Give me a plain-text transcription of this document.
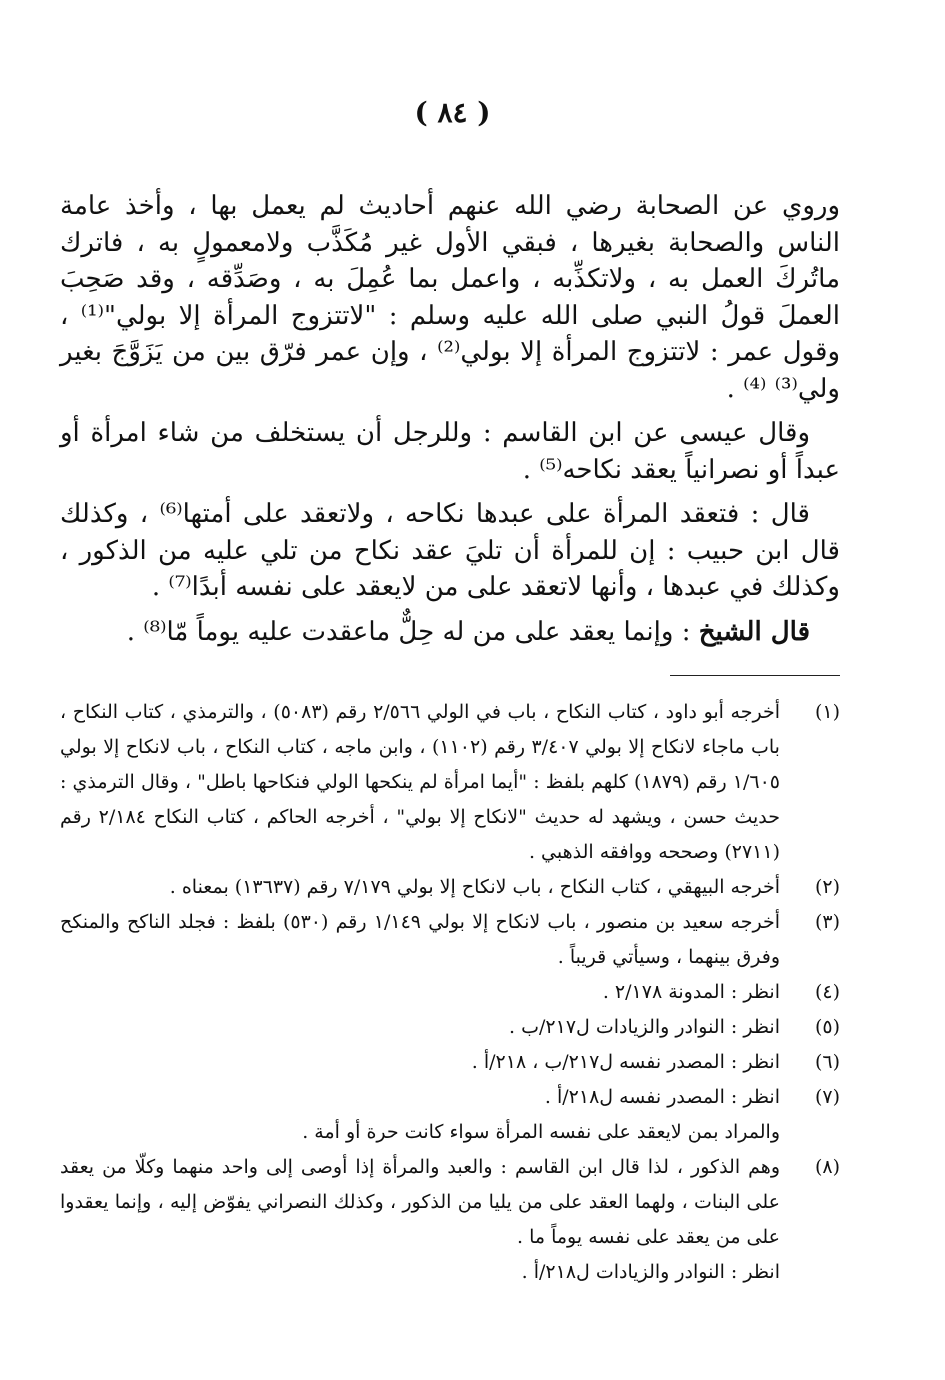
( ٨٤ )

وروي عن الصحابة رضي الله عنهم أحاديث لم يعمل بها ، وأخذ عامة الناس والصحابة بغيرها ، فبقي الأول غير مُكَذَّب ولامعمولٍ به ، فاترك ماتُركَ العمل به ، ولاتكذِّبه ، واعمل بما عُمِلَ به ، وصَدِّقه ، وقد صَحِبَ العملَ قولُ النبي صلى الله عليه وسلم : "لاتتزوج المرأة إلا بولي"⁽¹⁾ ، وقول عمر : لاتتزوج المرأة إلا بولي⁽²⁾ ، وإن عمر فرّق بين من يَزَوَّجَ بغير ولي⁽³⁾ ⁽⁴⁾ .

وقال عيسى عن ابن القاسم : وللرجل أن يستخلف من شاء امرأة أو عبداً أو نصرانياً يعقد نكاحه⁽⁵⁾ .

قال : فتعقد المرأة على عبدها نكاحه ، ولاتعقد على أمتها⁽⁶⁾ ، وكذلك قال ابن حبيب : إن للمرأة أن تليَ عقد نكاح من تلي عليه من الذكور ، وكذلك في عبدها ، وأنها لاتعقد على من لايعقد على نفسه أبدًا⁽⁷⁾ .

قال الشيخ : وإنما يعقد على من له حِلٌّ ماعقدت عليه يوماً مّا⁽⁸⁾ .

(١)
أخرجه أبو داود ، كتاب النكاح ، باب في الولي ٢/٥٦٦ رقم (٥٠٨٣) ، والترمذي ، كتاب النكاح ، باب ماجاء لانكاح إلا بولي ٣/٤٠٧ رقم (١١٠٢) ، وابن ماجه ، كتاب النكاح ، باب لانكاح إلا بولي ١/٦٠٥ رقم (١٨٧٩) كلهم بلفظ : "أيما امرأة لم ينكحها الولي فنكاحها باطل" ، وقال الترمذي : حديث حسن ، ويشهد له حديث "لانكاح إلا بولي" ، أخرجه الحاكم ، كتاب النكاح ٢/١٨٤ رقم (٢٧١١) وصححه ووافقه الذهبي .
(٢)
أخرجه البيهقي ، كتاب النكاح ، باب لانكاح إلا بولي ٧/١٧٩ رقم (١٣٦٣٧) بمعناه .
(٣)
أخرجه سعيد بن منصور ، باب لانكاح إلا بولي ١/١٤٩ رقم (٥٣٠) بلفظ : فجلد الناكح والمنكح وفرق بينهما ، وسيأتي قريباً .
(٤)
انظر : المدونة ٢/١٧٨ .
(٥)
انظر : النوادر والزيادات ل٢١٧/ب .
(٦)
انظر : المصدر نفسه ل٢١٧/ب ، ٢١٨/أ .
(٧)
انظر : المصدر نفسه ل٢١٨/أ .
والمراد بمن لايعقد على نفسه المرأة سواء كانت حرة أو أمة .
(٨)
وهم الذكور ، لذا قال ابن القاسم : والعبد والمرأة إذا أوصى إلى واحد منهما وكلّا من يعقد على البنات ، ولهما العقد على من يليا من الذكور ، وكذلك النصراني يفوّض إليه ، وإنما يعقدوا على من يعقد على نفسه يوماً ما .
انظر : النوادر والزيادات ل٢١٨/أ .
